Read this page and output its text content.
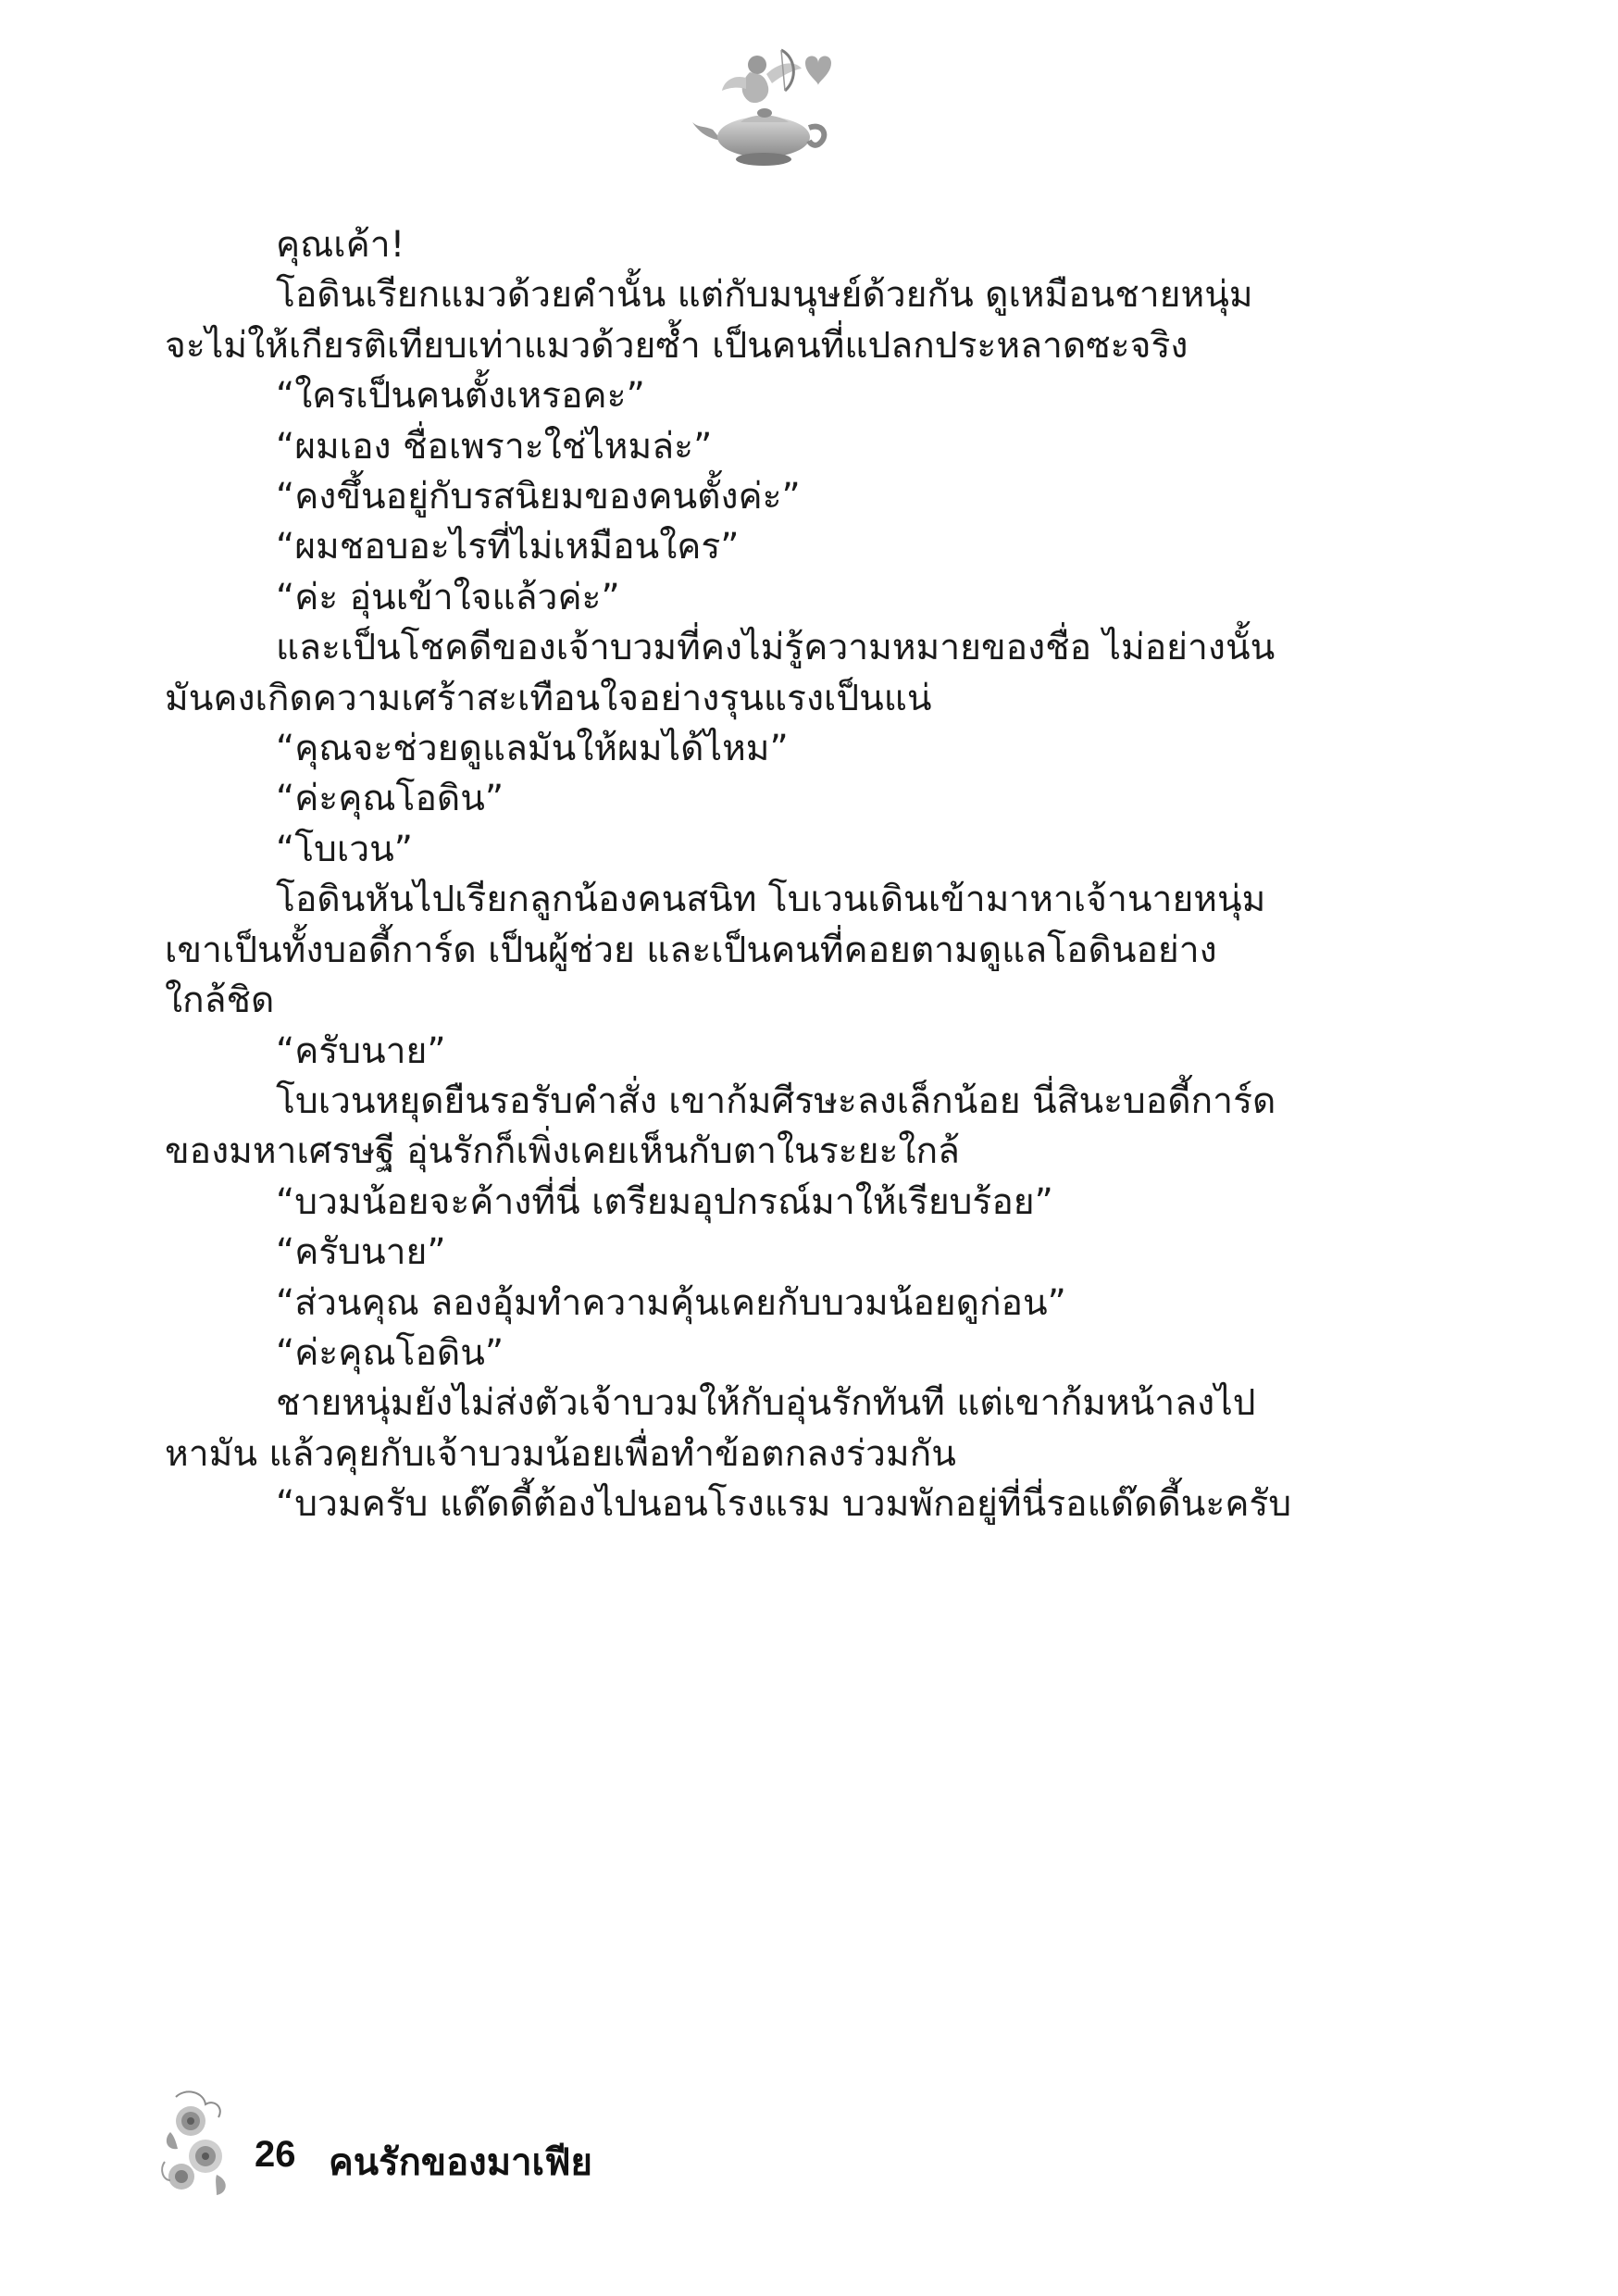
คุณเค้า!

โอดินเรียกแมวด้วยคำนั้น แต่กับมนุษย์ด้วยกัน ดูเหมือนชายหนุ่ม

จะไม่ให้เกียรติเทียบเท่าแมวด้วยซ้ำ เป็นคนที่แปลกประหลาดซะจริง

“ใครเป็นคนตั้งเหรอคะ”

“ผมเอง ชื่อเพราะใช่ไหมล่ะ”

“คงขึ้นอยู่กับรสนิยมของคนตั้งค่ะ”

“ผมชอบอะไรที่ไม่เหมือนใคร”

“ค่ะ อุ่นเข้าใจแล้วค่ะ”

และเป็นโชคดีของเจ้าบวมที่คงไม่รู้ความหมายของชื่อ ไม่อย่างนั้น

มันคงเกิดความเศร้าสะเทือนใจอย่างรุนแรงเป็นแน่

“คุณจะช่วยดูแลมันให้ผมได้ไหม”

“ค่ะคุณโอดิน”

“โบเวน”

โอดินหันไปเรียกลูกน้องคนสนิท โบเวนเดินเข้ามาหาเจ้านายหนุ่ม

เขาเป็นทั้งบอดี้การ์ด เป็นผู้ช่วย และเป็นคนที่คอยตามดูแลโอดินอย่าง

ใกล้ชิด

“ครับนาย”

โบเวนหยุดยืนรอรับคำสั่ง เขาก้มศีรษะลงเล็กน้อย นี่สินะบอดี้การ์ด

ของมหาเศรษฐี อุ่นรักก็เพิ่งเคยเห็นกับตาในระยะใกล้

“บวมน้อยจะค้างที่นี่ เตรียมอุปกรณ์มาให้เรียบร้อย”

“ครับนาย”

“ส่วนคุณ ลองอุ้มทำความคุ้นเคยกับบวมน้อยดูก่อน”

“ค่ะคุณโอดิน”

ชายหนุ่มยังไม่ส่งตัวเจ้าบวมให้กับอุ่นรักทันที แต่เขาก้มหน้าลงไป

หามัน แล้วคุยกับเจ้าบวมน้อยเพื่อทำข้อตกลงร่วมกัน

“บวมครับ แด๊ดดี้ต้องไปนอนโรงแรม บวมพักอยู่ที่นี่รอแด๊ดดี้นะครับ

26 คนรักของมาเฟีย
